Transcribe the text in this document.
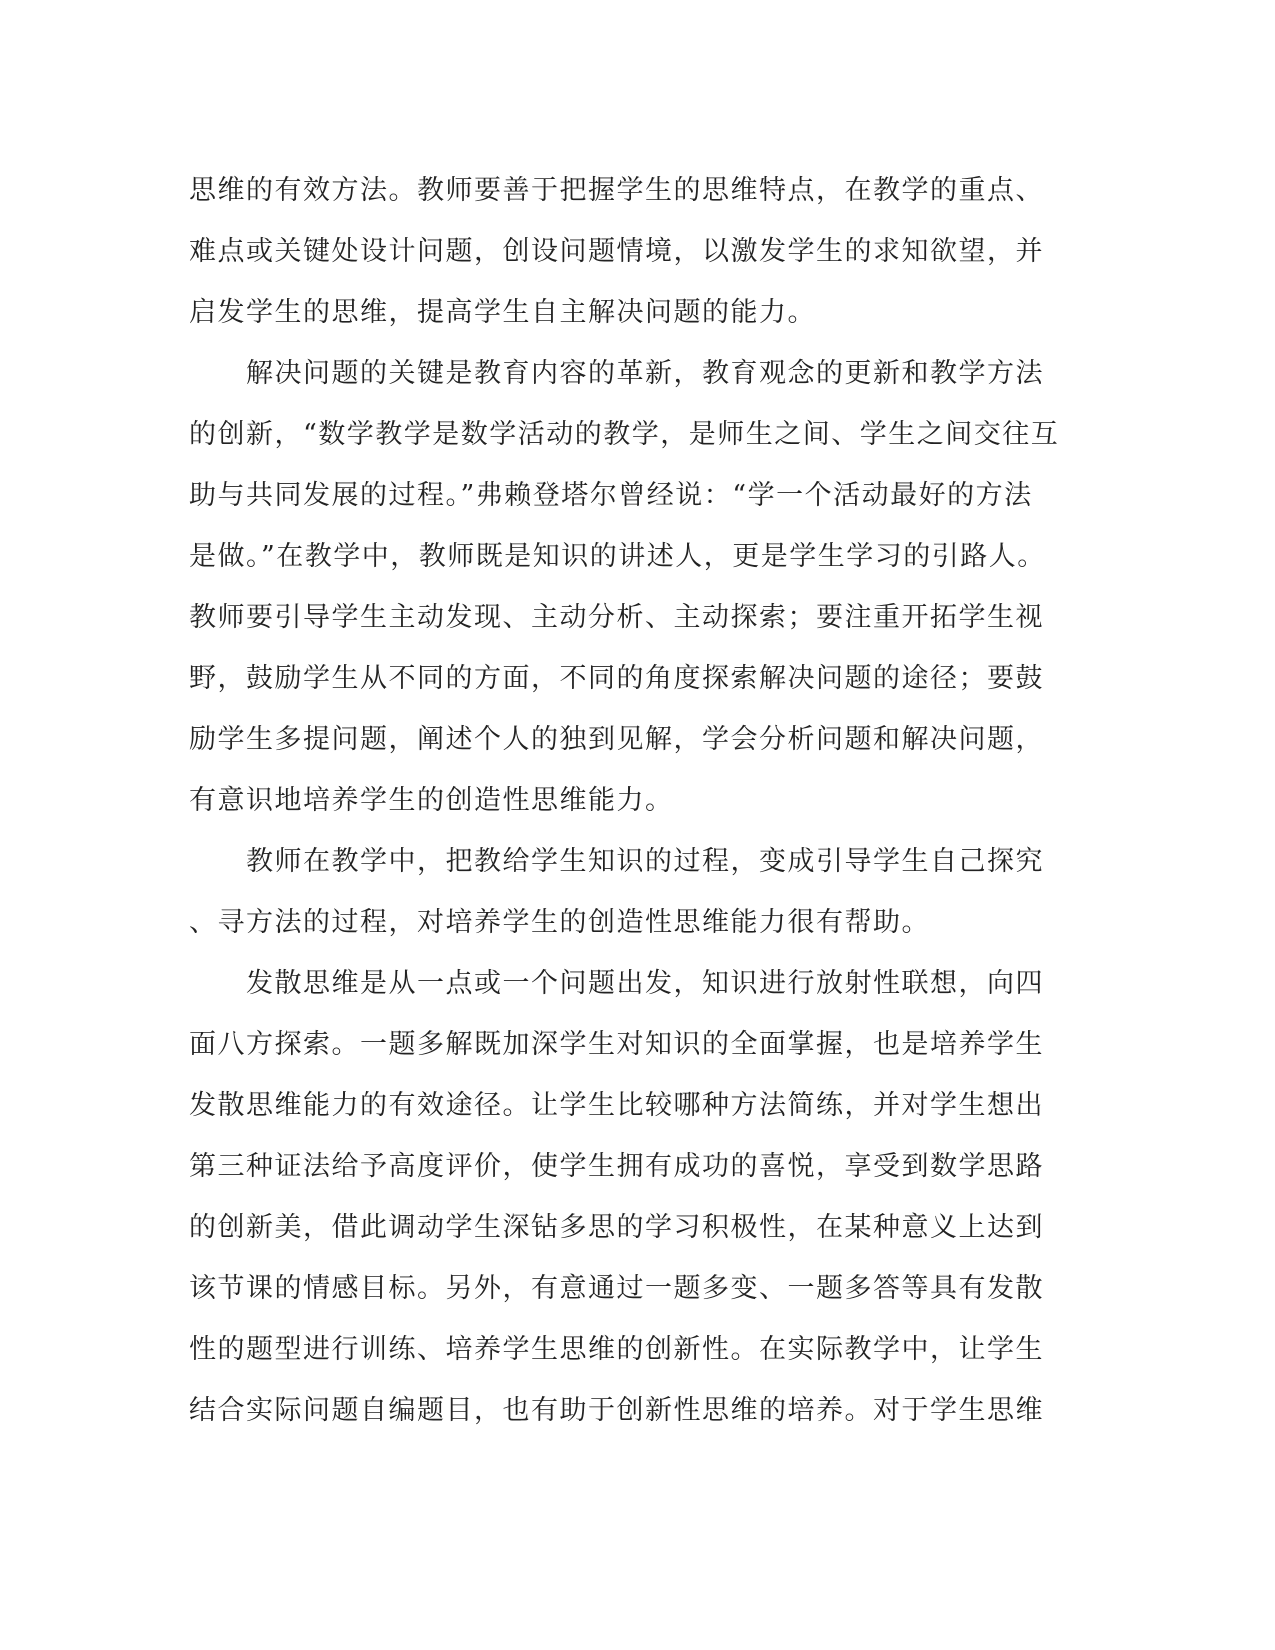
思维的有效方法。教师要善于把握学生的思维特点，在教学的重点、
难点或关键处设计问题，创设问题情境，以激发学生的求知欲望，并
启发学生的思维，提高学生自主解决问题的能力。
　　解决问题的关键是教育内容的革新，教育观念的更新和教学方法
的创新，“数学教学是数学活动的教学，是师生之间、学生之间交往互
助与共同发展的过程。”弗赖登塔尔曾经说：“学一个活动最好的方法
是做。”在教学中，教师既是知识的讲述人，更是学生学习的引路人。
教师要引导学生主动发现、主动分析、主动探索；要注重开拓学生视
野，鼓励学生从不同的方面，不同的角度探索解决问题的途径；要鼓
励学生多提问题，阐述个人的独到见解，学会分析问题和解决问题，
有意识地培养学生的创造性思维能力。
　　教师在教学中，把教给学生知识的过程，变成引导学生自己探究
、寻方法的过程，对培养学生的创造性思维能力很有帮助。
　　发散思维是从一点或一个问题出发，知识进行放射性联想，向四
面八方探索。一题多解既加深学生对知识的全面掌握，也是培养学生
发散思维能力的有效途径。让学生比较哪种方法简练，并对学生想出
第三种证法给予高度评价，使学生拥有成功的喜悦，享受到数学思路
的创新美，借此调动学生深钻多思的学习积极性，在某种意义上达到
该节课的情感目标。另外，有意通过一题多变、一题多答等具有发散
性的题型进行训练、培养学生思维的创新性。在实际教学中，让学生
结合实际问题自编题目，也有助于创新性思维的培养。对于学生思维
